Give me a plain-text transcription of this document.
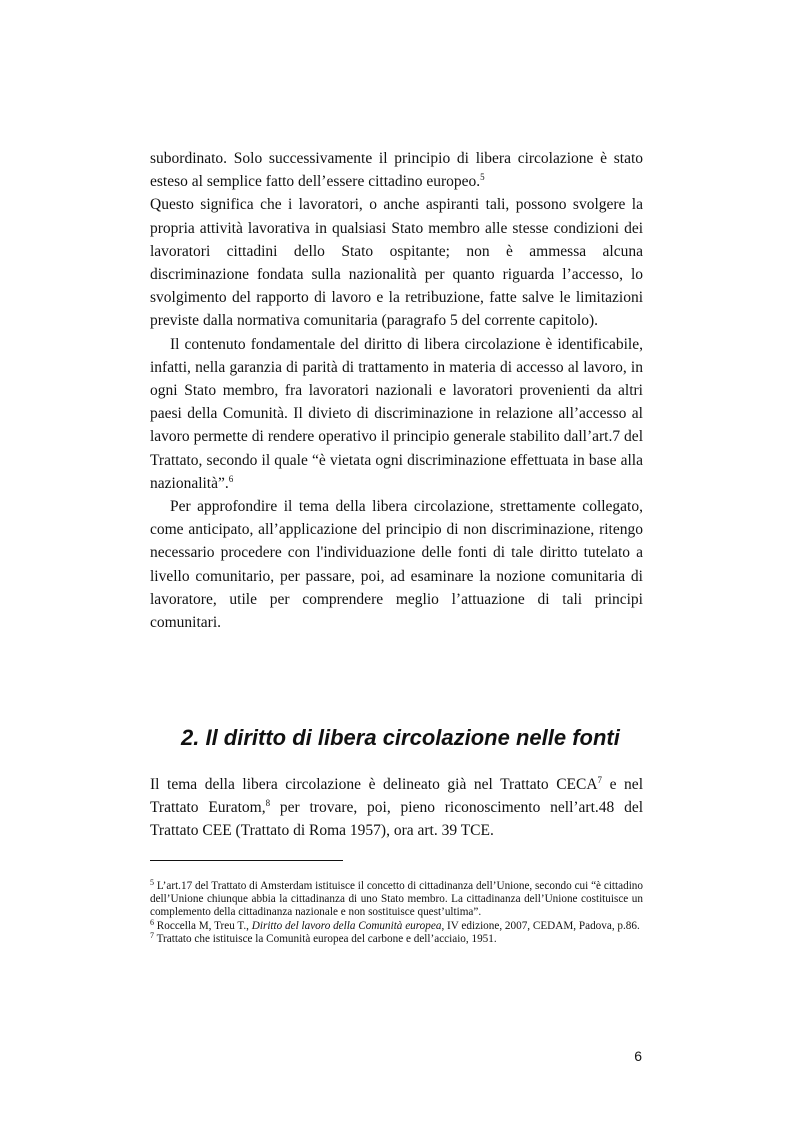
subordinato. Solo successivamente il principio di libera circolazione è stato esteso al semplice fatto dell’essere cittadino europeo.$^5$

Questo significa che i lavoratori, o anche aspiranti tali, possono svolgere la propria attività lavorativa in qualsiasi Stato membro alle stesse condizioni dei lavoratori cittadini dello Stato ospitante; non è ammessa alcuna discriminazione fondata sulla nazionalità per quanto riguarda l’accesso, lo svolgimento del rapporto di lavoro e la retribuzione, fatte salve le limitazioni previste dalla normativa comunitaria (paragrafo 5 del corrente capitolo).

Il contenuto fondamentale del diritto di libera circolazione è identificabile, infatti, nella garanzia di parità di trattamento in materia di accesso al lavoro, in ogni Stato membro, fra lavoratori nazionali e lavoratori provenienti da altri paesi della Comunità. Il divieto di discriminazione in relazione all’accesso al lavoro permette di rendere operativo il principio generale stabilito dall’art.7 del Trattato, secondo il quale “è vietata ogni discriminazione effettuata in base alla nazionalità”.$^6$

Per approfondire il tema della libera circolazione, strettamente collegato, come anticipato, all’applicazione del principio di non discriminazione, ritengo necessario procedere con l'individuazione delle fonti di tale diritto tutelato a livello comunitario, per passare, poi, ad esaminare la nozione comunitaria di lavoratore, utile per comprendere meglio l’attuazione di tali principi comunitari.

2. Il diritto di libera circolazione nelle fonti

Il tema della libera circolazione è delineato già nel Trattato CECA$^7$ e nel Trattato Euratom,$^8$ per trovare, poi, pieno riconoscimento nell’art.48 del Trattato CEE (Trattato di Roma 1957), ora art. 39 TCE.

$^5$ L’art.17 del Trattato di Amsterdam istituisce il concetto di cittadinanza dell’Unione, secondo cui “è cittadino dell’Unione chiunque abbia la cittadinanza di uno Stato membro. La cittadinanza dell’Unione costituisce un complemento della cittadinanza nazionale e non sostituisce quest’ultima”.

$^6$ Roccella M, Treu T., Diritto del lavoro della Comunità europea, IV edizione, 2007, CEDAM, Padova, p.86.

$^7$ Trattato che istituisce la Comunità europea del carbone e dell’acciaio, 1951.

6
